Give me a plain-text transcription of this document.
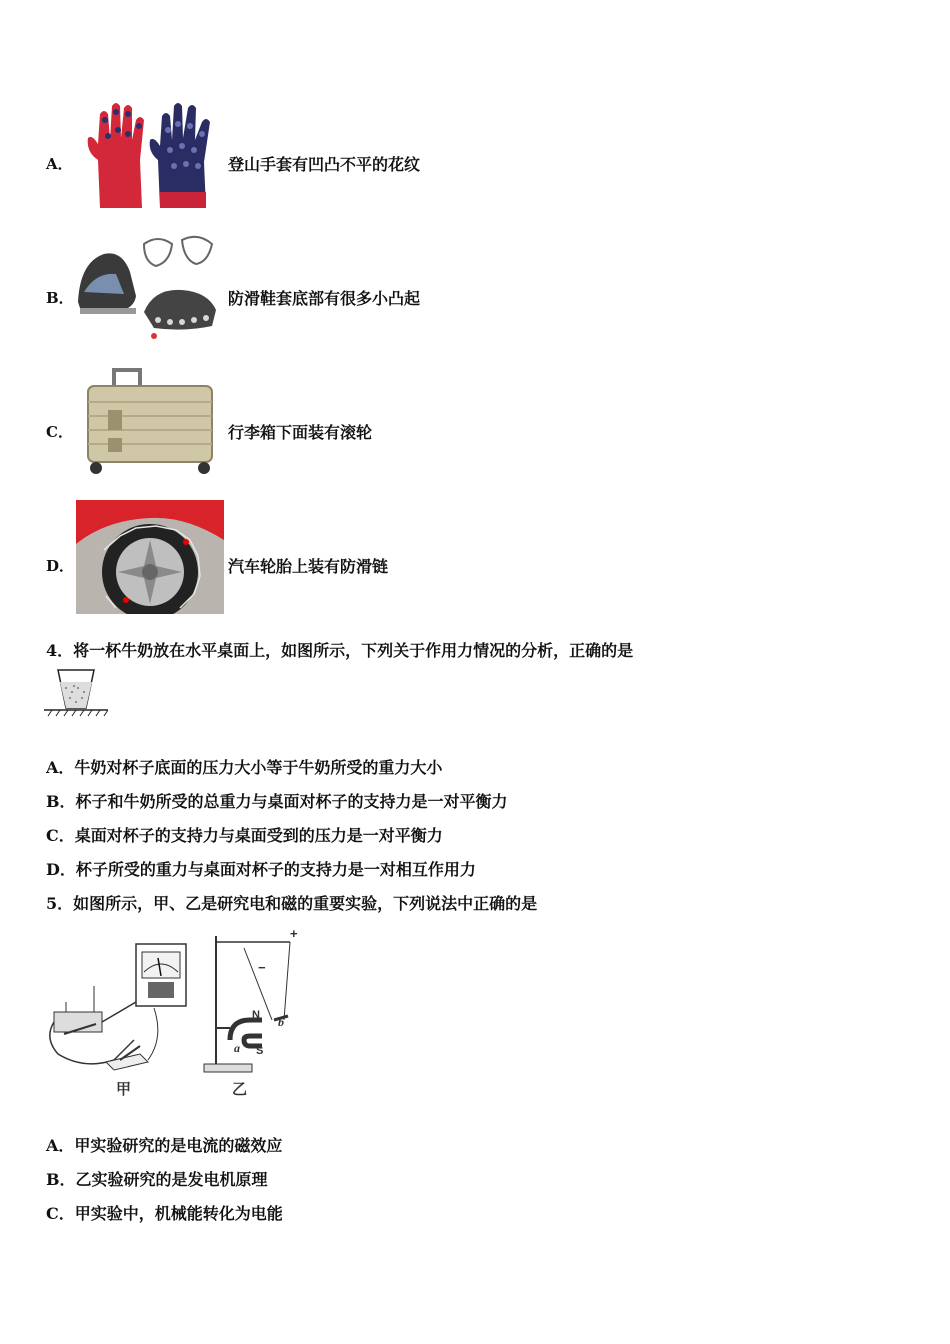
A．	登山手套有凹凸不平的花纹
B．	防滑鞋套底部有很多小凸起
C．	行李箱下面装有滚轮
D．	汽车轮胎上装有防滑链
4．将一杯牛奶放在水平桌面上，如图所示，下列关于作用力情况的分析，正确的是
A．牛奶对杯子底面的压力大小等于牛奶所受的重力大小
B．杯子和牛奶所受的总重力与桌面对杯子的支持力是一对平衡力
C．桌面对杯子的支持力与桌面受到的压力是一对平衡力
D．杯子所受的重力与桌面对杯子的支持力是一对相互作用力
5．如图所示，甲、乙是研究电和磁的重要实验，下列说法中正确的是
甲
+
−
N
S
a
b
乙
A．甲实验研究的是电流的磁效应
B．乙实验研究的是发电机原理
C．甲实验中，机械能转化为电能
